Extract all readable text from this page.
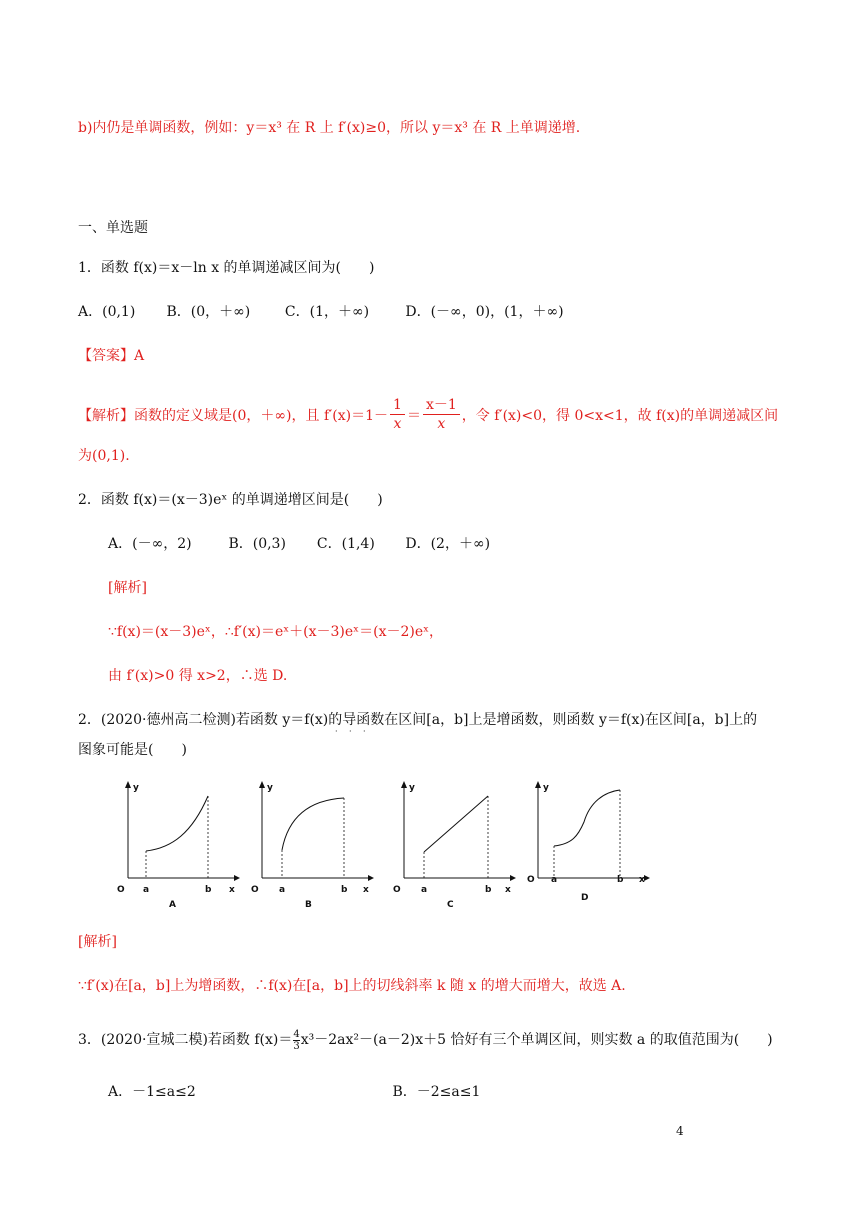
b)内仍是单调函数，例如：y＝x³ 在 R 上 f′(x)≥0，所以 y＝x³ 在 R 上单调递增.
一、单选题
1．函数 f(x)＝x－ln x 的单调递减区间为(　　)
A．(0,1) B．(0，＋∞) C．(1，＋∞)	D．(－∞，0)，(1，＋∞)
【答案】A
【解析】函数的定义域是(0，＋∞)，且 $f'(x)=1- \frac{1}{x} = \frac{x-1}{x}$ ，令 f′(x)<0，得 0<x<1，故 f(x)的单调递减区间
为(0,1).
2．函数 f(x)＝(x－3)eˣ 的单调递增区间是(　　)
A．(－∞，2)	B．(0,3) C．(1,4) D．(2，＋∞)
[解析]
∵f(x)＝(x－3)eˣ，∴f′(x)＝eˣ＋(x－3)eˣ＝(x－2)eˣ，
由 f′(x)>0 得 x>2，∴选 D.
2．(2020·德州高二检测)若函数 y＝f(x)的导函数在区间[a，b]上是增函数，则函数 y＝f(x)在区间[a，b]上的
· · ·
图象可能是(　　)
y
x
O a	b
A
y
x
O a	b
B
y
x
O a	b
C
y
x
O a	b
D
[解析]
∵f′(x)在[a，b]上为增函数，∴f(x)在[a，b]上的切线斜率 k 随 x 的增大而增大，故选 A.
3．(2020·宣城二模)若函数 $f(x)= \frac{4}{3} x^3-2ax^2-(a-2)x+5$ 恰好有三个单调区间，则实数 a 的取值范围为(　　)
A．－1≤a≤2	B．－2≤a≤1
4
